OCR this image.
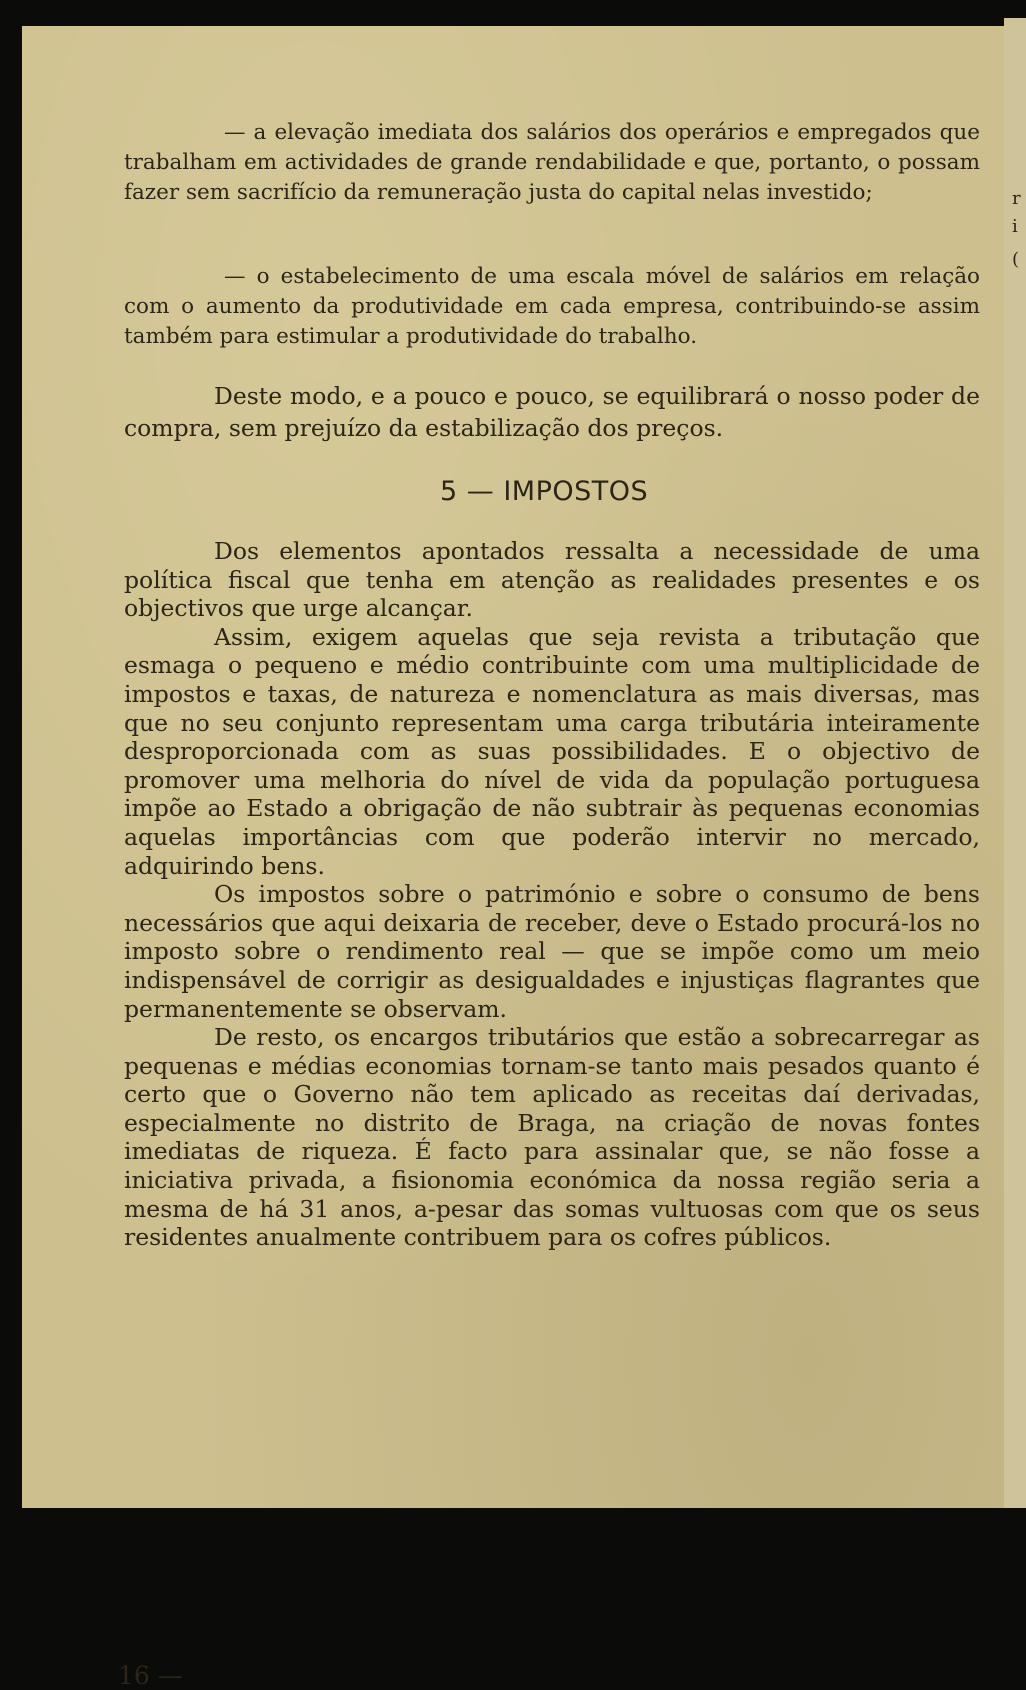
r
i
(

— a elevação imediata dos salários dos operários e empregados que trabalham em actividades de grande rendabilidade e que, portanto, o possam fazer sem sacrifício da remuneração justa do capital nelas investido;

— o estabelecimento de uma escala móvel de salários em relação com o aumento da produtividade em cada empresa, contribuindo-se assim também para estimular a produtividade do trabalho.

Deste modo, e a pouco e pouco, se equilibrará o nosso poder de compra, sem prejuízo da estabilização dos preços.

5 — IMPOSTOS

Dos elementos apontados ressalta a necessidade de uma política fiscal que tenha em atenção as realidades presentes e os objectivos que urge alcançar.

Assim, exigem aquelas que seja revista a tributação que esmaga o pequeno e médio contribuinte com uma multiplicidade de impostos e taxas, de natureza e nomenclatura as mais diversas, mas que no seu conjunto representam uma carga tributária inteiramente desproporcionada com as suas possibilidades. E o objectivo de promover uma melhoria do nível de vida da população portuguesa impõe ao Estado a obrigação de não subtrair às pequenas economias aquelas importâncias com que poderão intervir no mercado, adquirindo bens.

Os impostos sobre o património e sobre o consumo de bens necessários que aqui deixaria de receber, deve o Estado procurá-los no imposto sobre o rendimento real — que se impõe como um meio indispensável de corrigir as desigualdades e injustiças flagrantes que permanentemente se observam.

De resto, os encargos tributários que estão a sobrecarregar as pequenas e médias economias tornam-se tanto mais pesados quanto é certo que o Governo não tem aplicado as receitas daí derivadas, especialmente no distrito de Braga, na criação de novas fontes imediatas de riqueza. É facto para assinalar que, se não fosse a iniciativa privada, a fisionomia económica da nossa região seria a mesma de há 31 anos, a-pesar das somas vultuosas com que os seus residentes anualmente contribuem para os cofres públicos.

16 —
